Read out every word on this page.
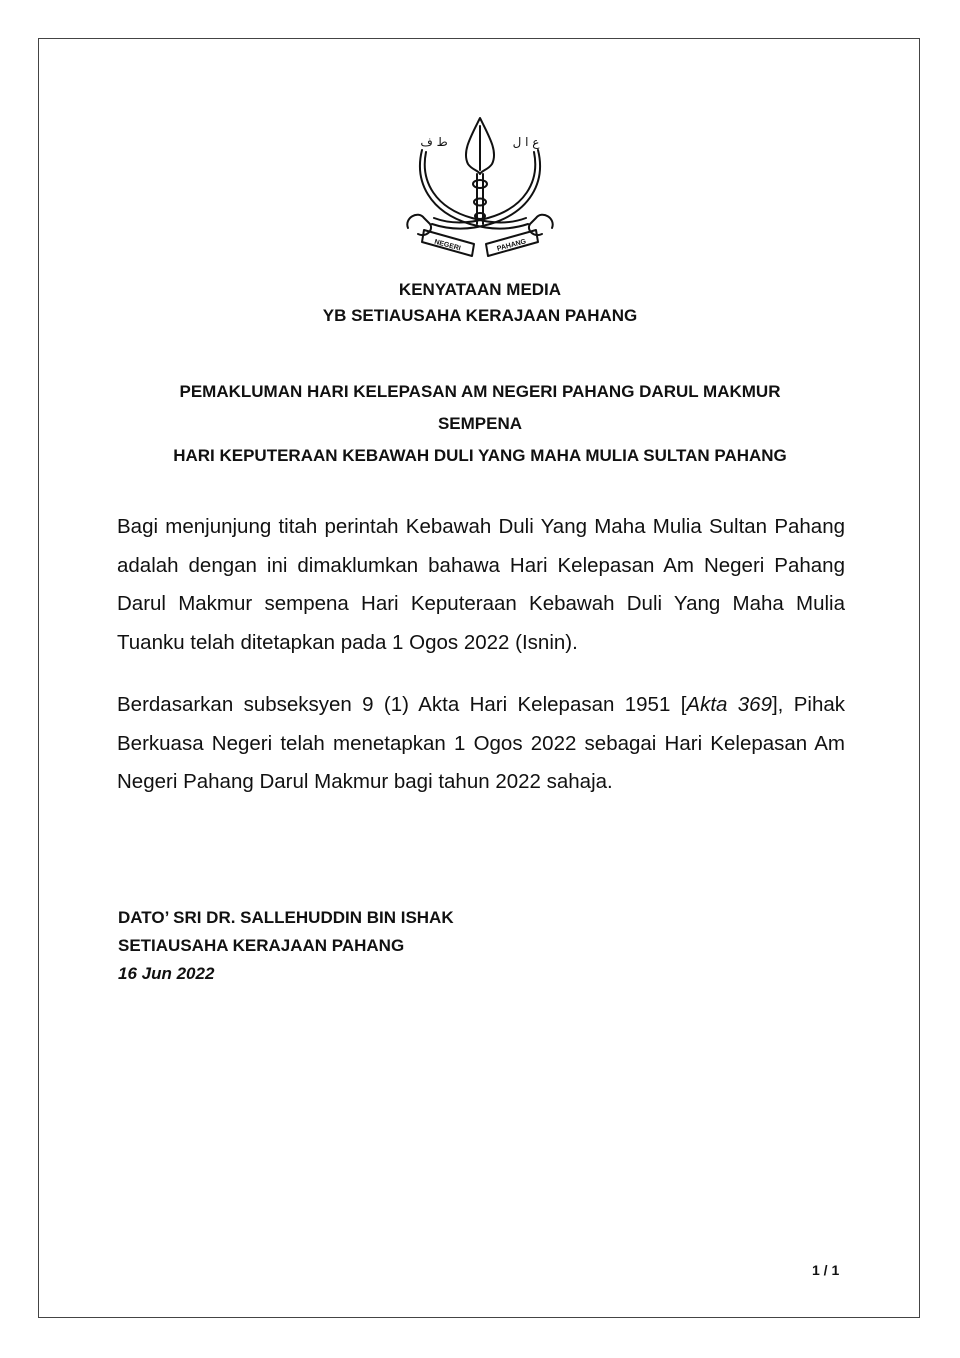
NEGERI	PAHANG
ط ف	ع ا ل

KENYATAAN MEDIA

YB SETIAUSAHA KERAJAAN PAHANG

PEMAKLUMAN HARI KELEPASAN AM NEGERI PAHANG DARUL MAKMUR
SEMPENA
HARI KEPUTERAAN KEBAWAH DULI YANG MAHA MULIA SULTAN PAHANG

Bagi menjunjung titah perintah Kebawah Duli Yang Maha Mulia Sultan Pahang adalah dengan ini dimaklumkan bahawa Hari Kelepasan Am Negeri Pahang Darul Makmur sempena Hari Keputeraan Kebawah Duli Yang Maha Mulia Tuanku telah ditetapkan pada 1 Ogos 2022 (Isnin).

Berdasarkan subseksyen 9 (1) Akta Hari Kelepasan 1951 [Akta 369], Pihak Berkuasa Negeri telah menetapkan 1 Ogos 2022 sebagai Hari Kelepasan Am Negeri Pahang Darul Makmur bagi tahun 2022 sahaja.

DATO’ SRI DR. SALLEHUDDIN BIN ISHAK
SETIAUSAHA KERAJAAN PAHANG
16 Jun 2022
1 / 1
